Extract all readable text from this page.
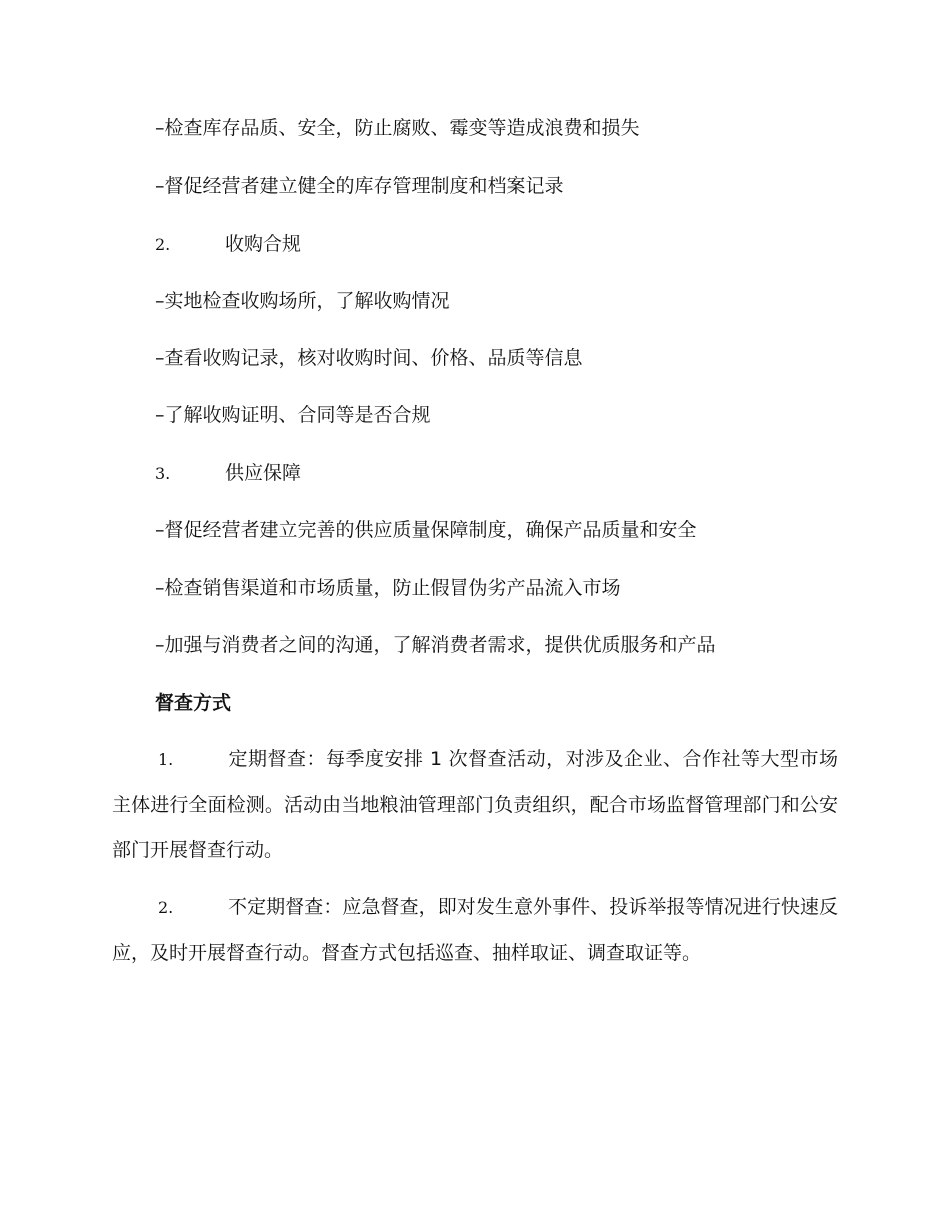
–检查库存品质、安全，防止腐败、霉变等造成浪费和损失
–督促经营者建立健全的库存管理制度和档案记录
2.	收购合规
–实地检查收购场所，了解收购情况
–查看收购记录，核对收购时间、价格、品质等信息
–了解收购证明、合同等是否合规
3.	供应保障
–督促经营者建立完善的供应质量保障制度，确保产品质量和安全
–检查销售渠道和市场质量，防止假冒伪劣产品流入市场
–加强与消费者之间的沟通，了解消费者需求，提供优质服务和产品
督查方式
1.	定期督查：每季度安排 1 次督查活动，对涉及企业、合作社等大型市场主体进行全面检测。活动由当地粮油管理部门负责组织，配合市场监督管理部门和公安部门开展督查行动。
2.	不定期督查：应急督查，即对发生意外事件、投诉举报等情况进行快速反应，及时开展督查行动。督查方式包括巡查、抽样取证、调查取证等。
